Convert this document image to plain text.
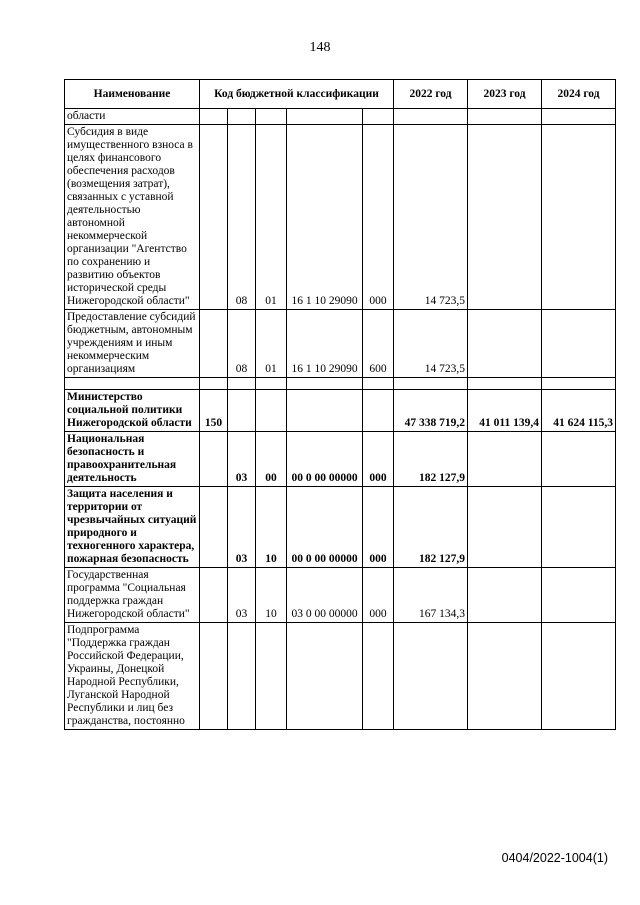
148
Наименование	Код бюджетной классификации					2022 год	2023 год	2024 год
области								
Субсидия в виде имущественного взноса в целях финансового обеспечения расходов (возмещения затрат), связанных с уставной деятельностью автономной некоммерческой организации "Агентство по сохранению и развитию объектов исторической среды Нижегородской области"		08	01	16 1 10 29090	000	14 723,5		
Предоставление субсидий бюджетным, автономным учреждениям и иным некоммерческим организациям		08	01	16 1 10 29090	600	14 723,5		

Министерство социальной политики Нижегородской области	150					47 338 719,2	41 011 139,4	41 624 115,3
Национальная безопасность и правоохранительная деятельность		03	00	00 0 00 00000	000	182 127,9		
Защита населения и территории от чрезвычайных ситуаций природного и техногенного характера, пожарная безопасность		03	10	00 0 00 00000	000	182 127,9		
Государственная программа "Социальная поддержка граждан Нижегородской области"		03	10	03 0 00 00000	000	167 134,3		
Подпрограмма "Поддержка граждан Российской Федерации, Украины, Донецкой Народной Республики, Луганской Народной Республики и лиц без гражданства, постоянно								
0404/2022-1004(1)
